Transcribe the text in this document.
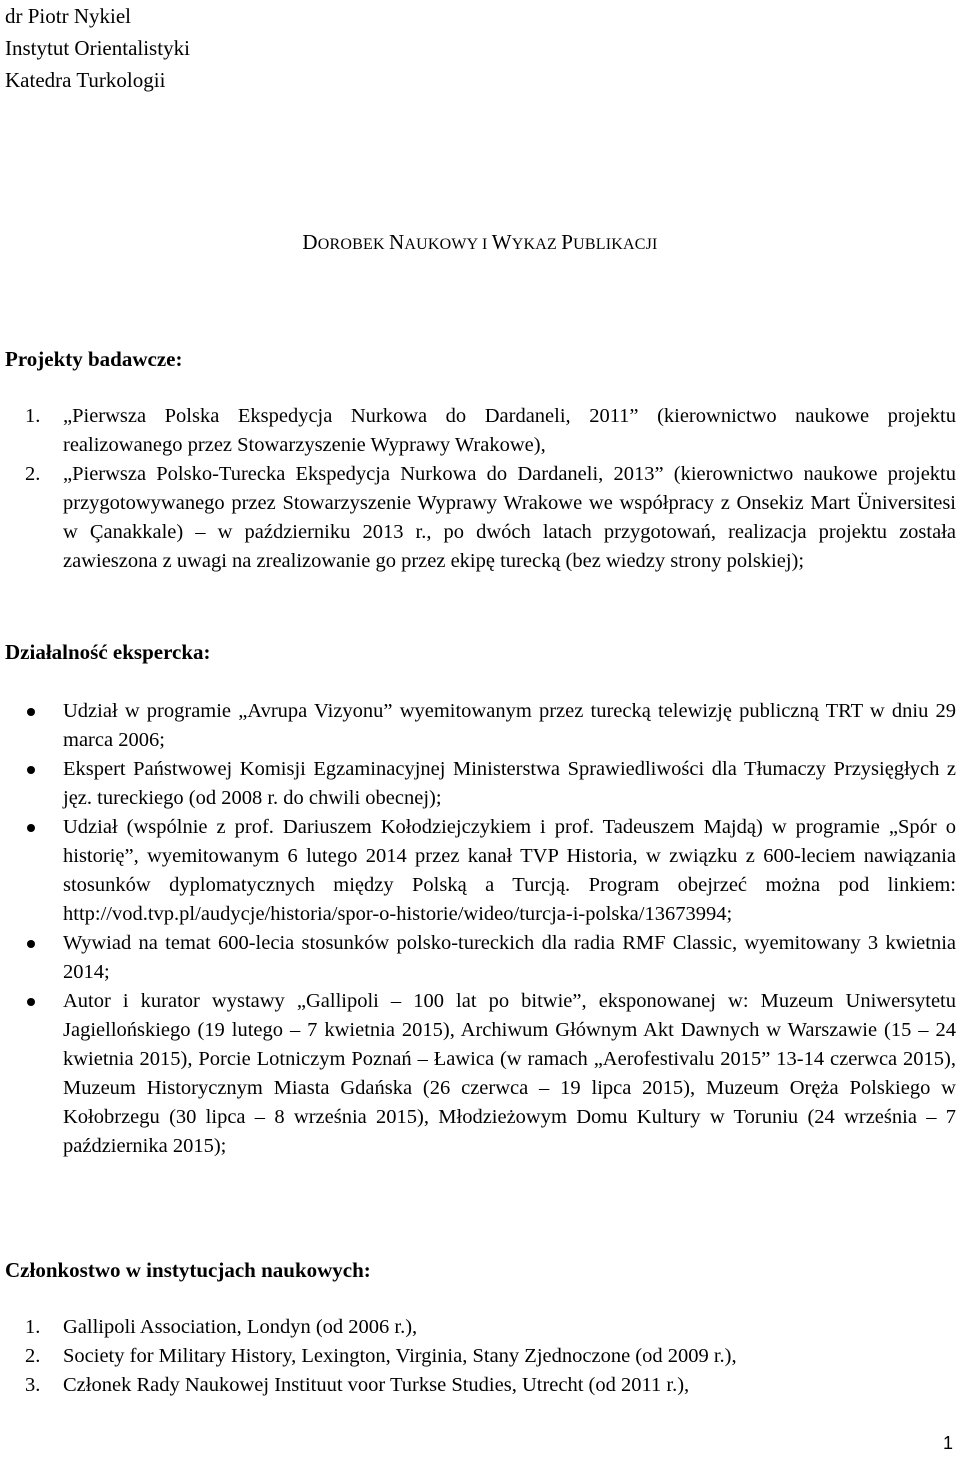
dr Piotr Nykiel
Instytut Orientalistyki
Katedra Turkologii
DOROBEK NAUKOWY I WYKAZ PUBLIKACJI
Projekty badawcze:
1. „Pierwsza Polska Ekspedycja Nurkowa do Dardaneli, 2011” (kierownictwo naukowe projektu realizowanego przez Stowarzyszenie Wyprawy Wrakowe),
2. „Pierwsza Polsko-Turecka Ekspedycja Nurkowa do Dardaneli, 2013” (kierownictwo naukowe projektu przygotowywanego przez Stowarzyszenie Wyprawy Wrakowe we współpracy z Onsekiz Mart Üniversitesi w Çanakkale) – w październiku 2013 r., po dwóch latach przygotowań, realizacja projektu została zawieszona z uwagi na zrealizowanie go przez ekipę turecką (bez wiedzy strony polskiej);
Działalność ekspercka:
Udział w programie „Avrupa Vizyonu” wyemitowanym przez turecką telewizję publiczną TRT w dniu 29 marca 2006;
Ekspert Państwowej Komisji Egzaminacyjnej Ministerstwa Sprawiedliwości dla Tłumaczy Przysięgłych z jęz. tureckiego (od 2008 r. do chwili obecnej);
Udział (wspólnie z prof. Dariuszem Kołodziejczykiem i prof. Tadeuszem Majdą) w programie „Spór o historię”, wyemitowanym 6 lutego 2014 przez kanał TVP Historia, w związku z 600-leciem nawiązania stosunków dyplomatycznych między Polską a Turcją. Program obejrzeć można pod linkiem: http://vod.tvp.pl/audycje/historia/spor-o-historie/wideo/turcja-i-polska/13673994;
Wywiad na temat 600-lecia stosunków polsko-tureckich dla radia RMF Classic, wyemitowany 3 kwietnia 2014;
Autor i kurator wystawy „Gallipoli – 100 lat po bitwie”, eksponowanej w: Muzeum Uniwersytetu Jagiellońskiego (19 lutego – 7 kwietnia 2015), Archiwum Głównym Akt Dawnych w Warszawie (15 – 24 kwietnia 2015), Porcie Lotniczym Poznań – Ławica (w ramach „Aerofestivalu 2015” 13-14 czerwca 2015), Muzeum Historycznym Miasta Gdańska (26 czerwca – 19 lipca 2015), Muzeum Oręża Polskiego w Kołobrzegu (30 lipca – 8 września 2015), Młodzieżowym Domu Kultury w Toruniu (24 września – 7 października 2015);
Członkostwo w instytucjach naukowych:
1. Gallipoli Association, Londyn (od 2006 r.),
2. Society for Military History, Lexington, Virginia, Stany Zjednoczone (od 2009 r.),
3. Członek Rady Naukowej Instituut voor Turkse Studies, Utrecht (od 2011 r.),
1
